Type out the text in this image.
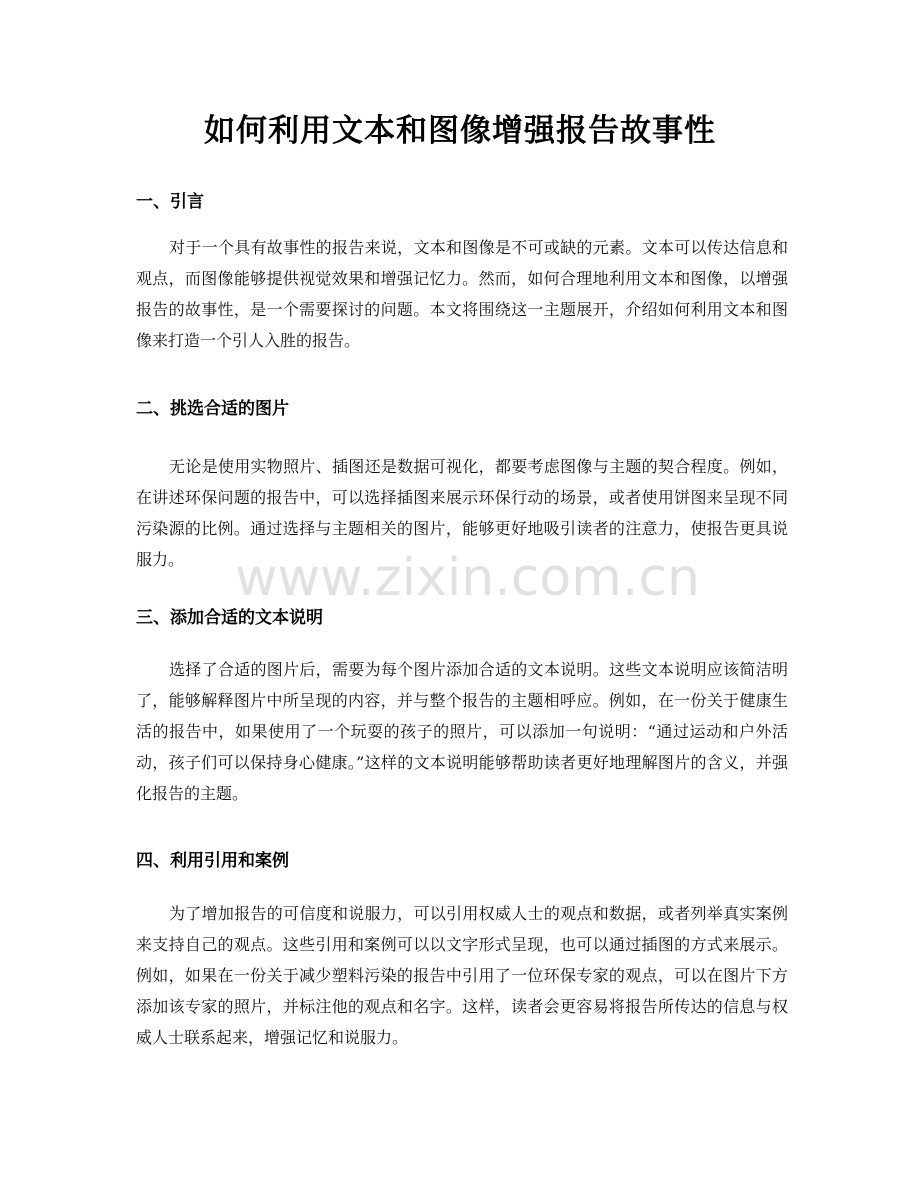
如何利用文本和图像增强报告故事性
一、引言
对于一个具有故事性的报告来说，文本和图像是不可或缺的元素。文本可以传达信息和观点，而图像能够提供视觉效果和增强记忆力。然而，如何合理地利用文本和图像，以增强报告的故事性，是一个需要探讨的问题。本文将围绕这一主题展开，介绍如何利用文本和图像来打造一个引人入胜的报告。
二、挑选合适的图片
无论是使用实物照片、插图还是数据可视化，都要考虑图像与主题的契合程度。例如，在讲述环保问题的报告中，可以选择插图来展示环保行动的场景，或者使用饼图来呈现不同污染源的比例。通过选择与主题相关的图片，能够更好地吸引读者的注意力，使报告更具说服力。
三、添加合适的文本说明
选择了合适的图片后，需要为每个图片添加合适的文本说明。这些文本说明应该简洁明了，能够解释图片中所呈现的内容，并与整个报告的主题相呼应。例如，在一份关于健康生活的报告中，如果使用了一个玩耍的孩子的照片，可以添加一句说明：“通过运动和户外活动，孩子们可以保持身心健康。”这样的文本说明能够帮助读者更好地理解图片的含义，并强化报告的主题。
四、利用引用和案例
为了增加报告的可信度和说服力，可以引用权威人士的观点和数据，或者列举真实案例来支持自己的观点。这些引用和案例可以以文字形式呈现，也可以通过插图的方式来展示。例如，如果在一份关于减少塑料污染的报告中引用了一位环保专家的观点，可以在图片下方添加该专家的照片，并标注他的观点和名字。这样，读者会更容易将报告所传达的信息与权威人士联系起来，增强记忆和说服力。
www.zixin.com.cn
